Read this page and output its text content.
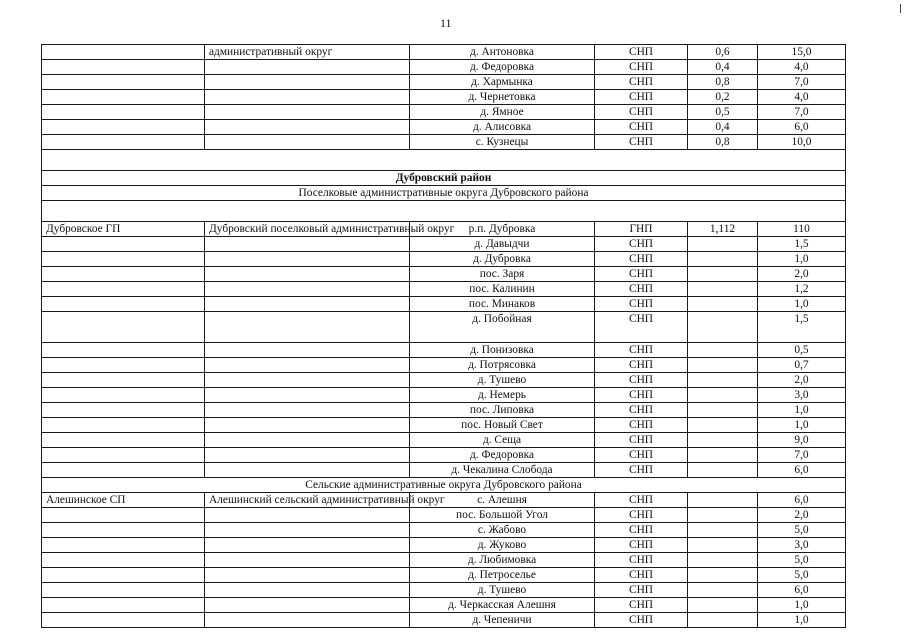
11
	административный округ	д. Антоновка	СНП	0,6	15,0
		д. Федоровка	СНП	0,4	4,0
		д. Хармынка	СНП	0,8	7,0
		д. Чернетовка	СНП	0,2	4,0
		д. Ямное	СНП	0,5	7,0
		д. Алисовка	СНП	0,4	6,0
		с. Кузнецы	СНП	0,8	10,0

Дубровский район					
Поселковые административные округа Дубровского района					

Дубровское ГП	Дубровский поселковый административный округ	р.п. Дубровка	ГНП	1,112	110
		д. Давыдчи	СНП		1,5
		д. Дубровка	СНП		1,0
		пос. Заря	СНП		2,0
		пос. Калинин	СНП		1,2
		пос. Минаков	СНП		1,0
		д. Побойная	СНП		1,5
		д. Понизовка	СНП		0,5
		д. Потрясовка	СНП		0,7
		д. Тушево	СНП		2,0
		д. Немерь	СНП		3,0
		пос. Липовка	СНП		1,0
		пос. Новый Свет	СНП		1,0
		д. Сеща	СНП		9,0
		д. Федоровка	СНП		7,0
		д. Чекалина Слобода	СНП		6,0
Сельские административные округа Дубровского района					
Алешинское СП	Алешинский сельский административный округ	с. Алешня	СНП		6,0
		пос. Большой Угол	СНП		2,0
		с. Жабово	СНП		5,0
		д. Жуково	СНП		3,0
		д. Любимовка	СНП		5,0
		д. Петроселье	СНП		5,0
		д. Тушево	СНП		6,0
		д. Черкасская Алешня	СНП		1,0
		д. Чепеничи	СНП		1,0
